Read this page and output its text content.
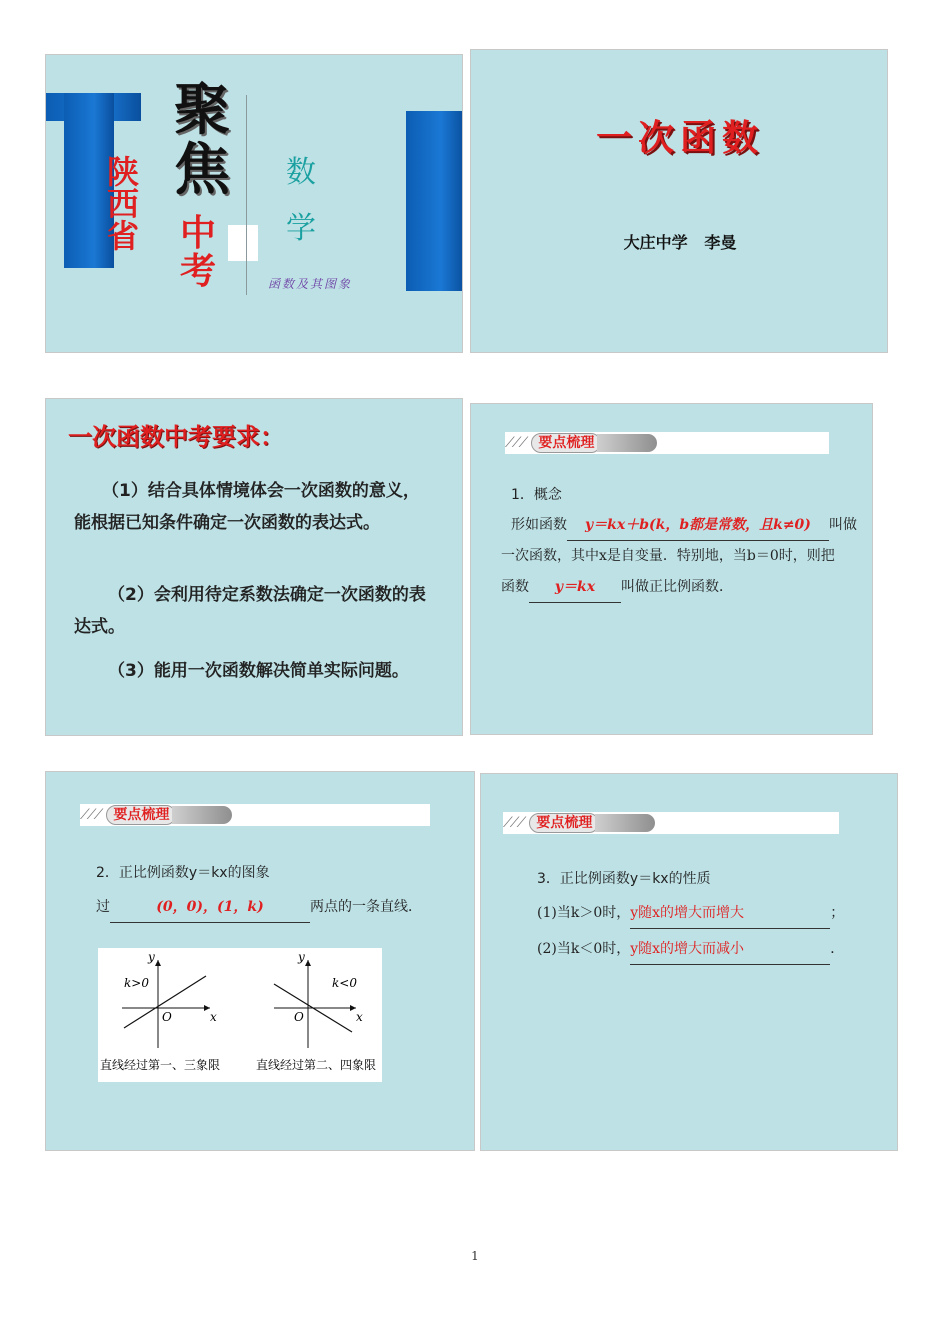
陕西省
聚
焦
中
考
数
学
函数及其图象
一次函数
大庄中学   李曼
一次函数中考要求：
（1）结合具体情境体会一次函数的意义，能根据已知条件确定一次函数的表达式。
（2）会利用待定系数法确定一次函数的表达式。
（3）能用一次函数解决简单实际问题。
⟋⟋⟋ 要点梳理
1．概念
形如函数 y＝kx＋b(k，b都是常数，且k≠0) 叫做
一次函数，其中x是自变量．特别地，当b＝0时，则把
函数 y＝kx 叫做正比例函数．
⟋⟋⟋ 要点梳理
2．正比例函数y＝kx的图象
过	(0，0)，(1，k)	两点的一条直线．
y
k>0
O	x
直线经过第一、三象限
y
k<0
O	x
直线经过第二、四象限
⟋⟋⟋ 要点梳理
3．正比例函数y＝kx的性质
(1)当k＞0时，y随x的增大而增大	；
(2)当k＜0时，y随x的增大而减小	．
1
